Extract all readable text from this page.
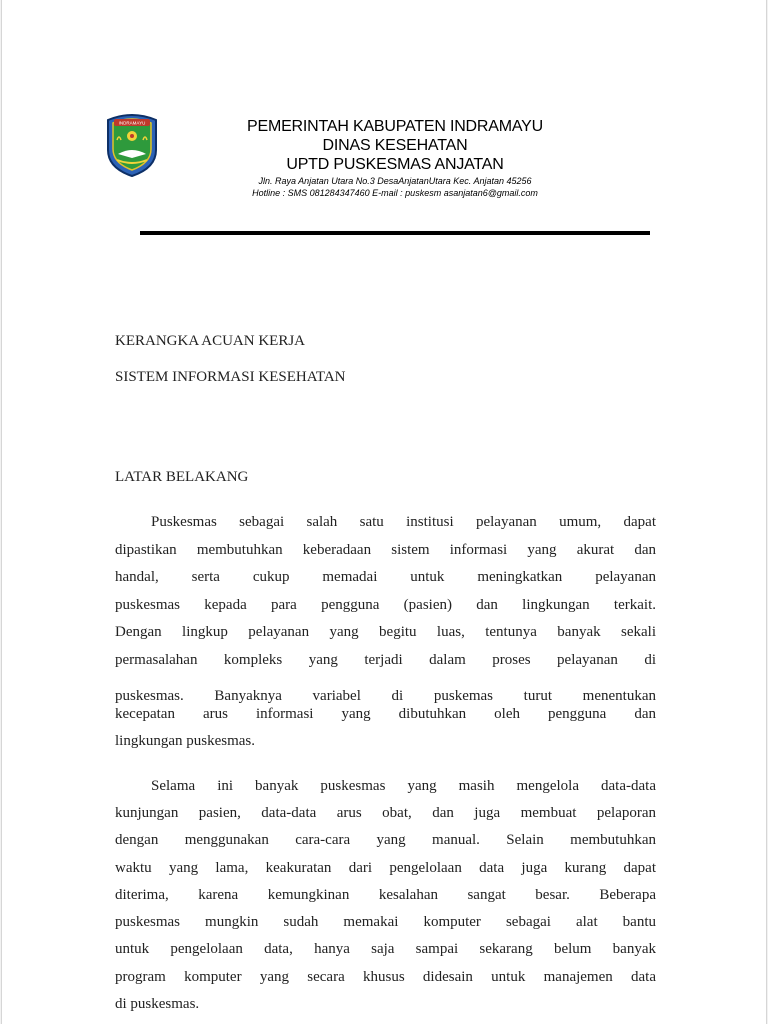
INDRAMAYU	PEMERINTAH KABUPATEN INDRAMAYU
DINAS KESEHATAN
UPTD PUSKESMAS ANJATAN
Jln. Raya Anjatan Utara No.3 DesaAnjatanUtara Kec. Anjatan 45256
Hotline : SMS 081284347460 E-mail : puskesm asanjatan6@gmail.com
KERANGKA ACUAN KERJA
SISTEM INFORMASI KESEHATAN
LATAR BELAKANG
Puskesmas sebagai salah satu institusi pelayanan umum, dapat
dipastikan membutuhkan keberadaan sistem informasi yang akurat dan
handal, serta cukup memadai untuk meningkatkan pelayanan
puskesmas kepada para pengguna (pasien) dan lingkungan terkait.
Dengan lingkup pelayanan yang begitu luas, tentunya banyak sekali
permasalahan kompleks yang terjadi dalam proses pelayanan di
puskesmas. Banyaknya variabel di puskemas turut menentukan
kecepatan arus informasi yang dibutuhkan oleh pengguna dan
lingkungan puskesmas.
Selama ini banyak puskesmas yang masih mengelola data-data
kunjungan pasien, data-data arus obat, dan juga membuat pelaporan
dengan menggunakan cara-cara yang manual. Selain membutuhkan
waktu yang lama, keakuratan dari pengelolaan data juga kurang dapat
diterima, karena kemungkinan kesalahan sangat besar. Beberapa
puskesmas mungkin sudah memakai komputer sebagai alat bantu
untuk pengelolaan data, hanya saja sampai sekarang belum banyak
program komputer yang secara khusus didesain untuk manajemen data
di puskesmas.
